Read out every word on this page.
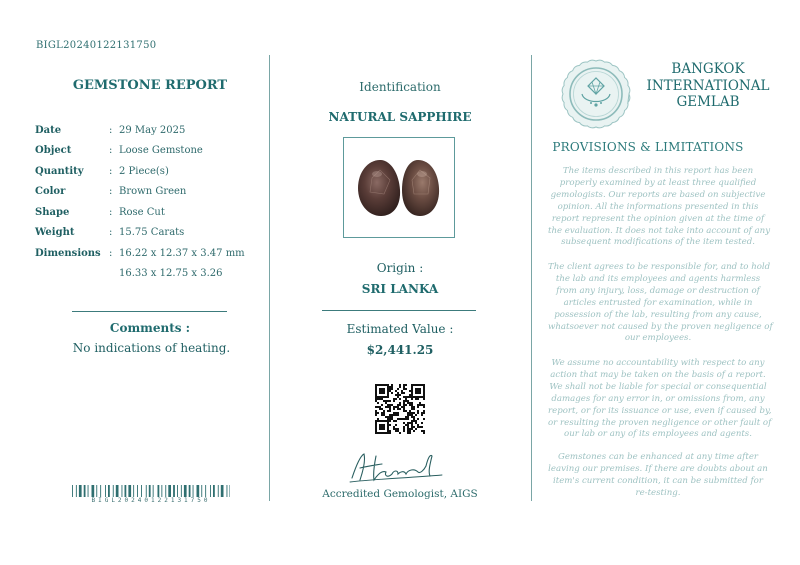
BIGL20240122131750
GEMSTONE REPORT
Date	: 29 May 2025
Object	: Loose Gemstone
Quantity	: 2 Piece(s)
Color	: Brown Green
Shape	: Rose Cut
Weight	: 15.75 Carats
Dimensions : 16.22 x 12.37 x 3.47 mm
16.33 x 12.75 x 3.26
Comments :
No indications of heating.
BIGL20240122131750
Identification
NATURAL SAPPHIRE
Origin :
SRI LANKA
Estimated Value :
$2,441.25
Accredited Gemologist, AIGS
BANGKOK
INTERNATIONAL
GEMLAB
PROVISIONS & LIMITATIONS
The items described in this report has been
properly examined by at least three qualified
gemologists. Our reports are based on subjective
opinion. All the informations presented in this
report represent the opinion given at the time of
the evaluation. It does not take into account of any
subsequent modifications of the item tested.
The client agrees to be responsible for, and to hold
the lab and its employees and agents harmless
from any injury, loss, damage or destruction of
articles entrusted for examination, while in
possession of the lab, resulting from any cause,
whatsoever not caused by the proven negligence of
our employees.
We assume no accountability with respect to any
action that may be taken on the basis of a report.
We shall not be liable for special or consequential
damages for any error in, or omissions from, any
report, or for its issuance or use, even if caused by,
or resulting the proven negligence or other fault of
our lab or any of its employees and agents.
Gemstones can be enhanced at any time after
leaving our premises. If there are doubts about an
item's current condition, it can be submitted for
re-testing.
